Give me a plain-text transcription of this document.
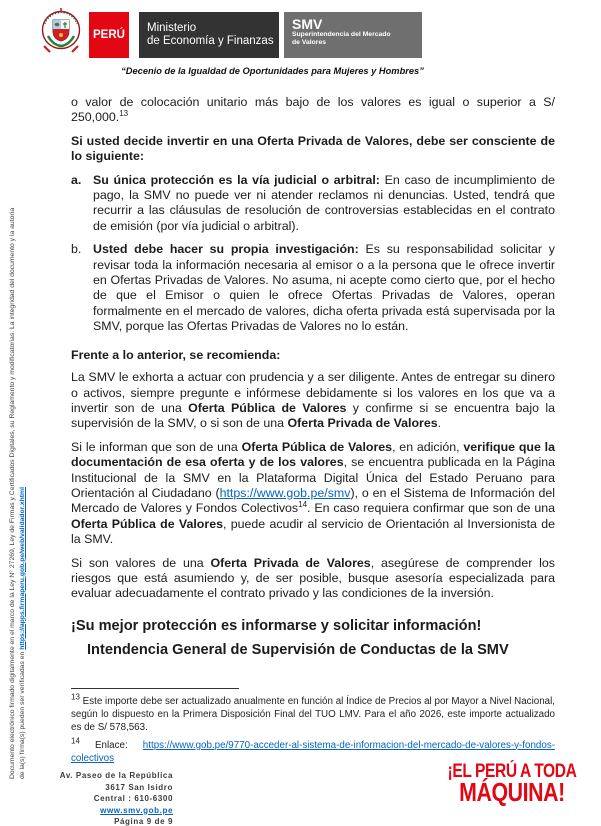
Documento electrónico firmado digitalmente en el marco de la Ley N° 27269, Ley de Firmas y Certificados Digitales, su Reglamento y modificatorias. La integridad del documento y la autoría de la(s) firma(s) pueden ser verificadas en https://apps.firmaperu.gob.pe/web/validador.xhtml
PERÚ
Ministerio
de Economía y Finanzas
SMV
Superintendencia del Mercado
de Valores
“Decenio de la Igualdad de Oportunidades para Mujeres y Hombres”

o valor de colocación unitario más bajo de los valores es igual o superior a S/ 250,000.13

Si usted decide invertir en una Oferta Privada de Valores, debe ser consciente de lo siguiente:

a. Su única protección es la vía judicial o arbitral: En caso de incumplimiento de pago, la SMV no puede ver ni atender reclamos ni denuncias. Usted, tendrá que recurrir a las cláusulas de resolución de controversias establecidas en el contrato de emisión (por vía judicial o arbitral).
b. Usted debe hacer su propia investigación: Es su responsabilidad solicitar y revisar toda la información necesaria al emisor o a la persona que le ofrece invertir en Ofertas Privadas de Valores. No asuma, ni acepte como cierto que, por el hecho de que el Emisor o quien le ofrece Ofertas Privadas de Valores, operan formalmente en el mercado de valores, dicha oferta privada está supervisada por la SMV, porque las Ofertas Privadas de Valores no lo están.

Frente a lo anterior, se recomienda:

La SMV le exhorta a actuar con prudencia y a ser diligente. Antes de entregar su dinero o activos, siempre pregunte e infórmese debidamente si los valores en los que va a invertir son de una Oferta Pública de Valores y confirme si se encuentra bajo la supervisión de la SMV, o si son de una Oferta Privada de Valores.

Si le informan que son de una Oferta Pública de Valores, en adición, verifique que la documentación de esa oferta y de los valores, se encuentra publicada en la Página Institucional de la SMV en la Plataforma Digital Única del Estado Peruano para Orientación al Ciudadano (https://www.gob.pe/smv), o en el Sistema de Información del Mercado de Valores y Fondos Colectivos$^{14}$. En caso requiera confirmar que son de una Oferta Pública de Valores, puede acudir al servicio de Orientación al Inversionista de la SMV.

Si son valores de una Oferta Privada de Valores, asegúrese de comprender los riesgos que está asumiendo y, de ser posible, busque asesoría especializada para evaluar adecuadamente el contrato privado y las condiciones de la inversión.

¡Su mejor protección es informarse y solicitar información!
Intendencia General de Supervisión de Conductas de la SMV

$^{13}$ Este importe debe ser actualizado anualmente en función al Índice de Precios al por Mayor a Nivel Nacional, según lo dispuesto en la Primera Disposición Final del TUO LMV. Para el año 2026, este importe actualizado es de S/ 578,563.

$^{14}$ Enlace: https://www.gob.pe/9770-acceder-al-sistema-de-informacion-del-mercado-de-valores-y-fondos-colectivos

Av. Paseo de la República
3617 San Isidro
Central : 610-6300
www.smv.gob.pe
Página 9 de 9
¡EL PERÚ A TODA
MÁQUINA!
